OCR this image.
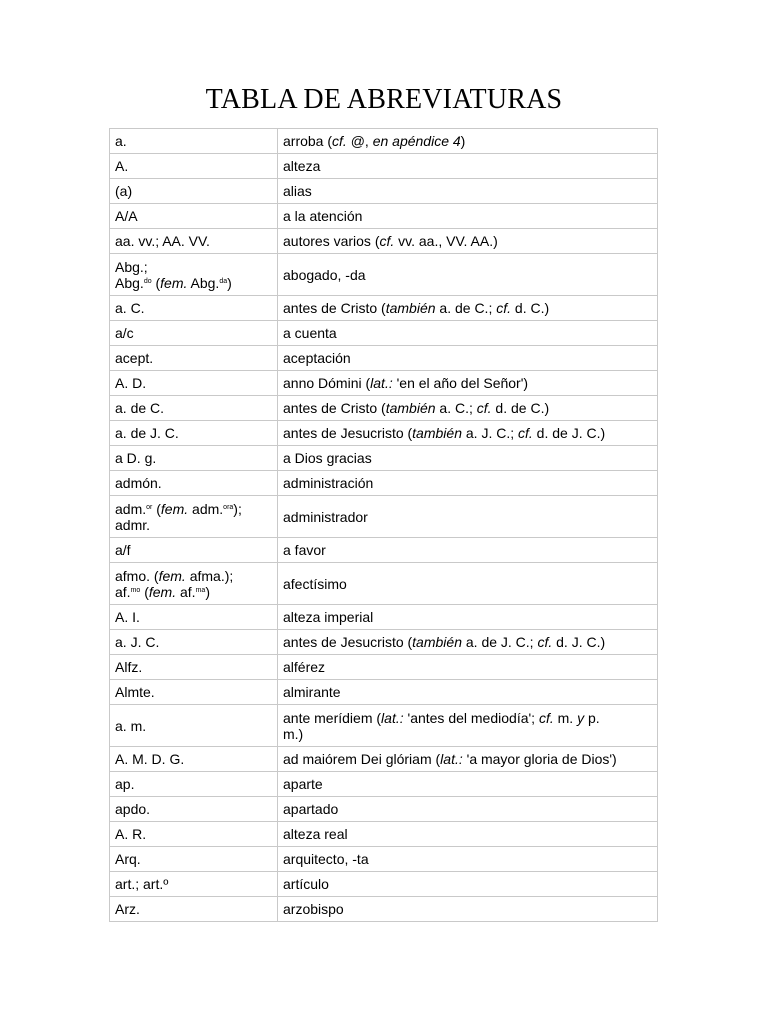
TABLA DE ABREVIATURAS
a.	arroba (cf. @, en apéndice 4)
A.	alteza
(a)	alias
A/A	a la atención
aa. vv.; AA. VV.	autores varios (cf. vv. aa., VV. AA.)
Abg.;
Abg.$^{do}$ (fem. Abg.$^{da}$)	abogado, -da
a. C.	antes de Cristo (también a. de C.; cf. d. C.)
a/c	a cuenta
acept.	aceptación
A. D.	anno Dómini (lat.: 'en el año del Señor')
a. de C.	antes de Cristo (también a. C.; cf. d. de C.)
a. de J. C.	antes de Jesucristo (también a. J. C.; cf. d. de J. C.)
a D. g.	a Dios gracias
admón.	administración
adm.$^{or}$ (fem. adm.$^{ora}$);
admr.	administrador
a/f	a favor
afmo. (fem. afma.);
af.$^{mo}$ (fem. af.$^{ma}$)	afectísimo
A. I.	alteza imperial
a. J. C.	antes de Jesucristo (también a. de J. C.; cf. d. J. C.)
Alfz.	alférez
Almte.	almirante
a. m.	ante merídiem (lat.: 'antes del mediodía'; cf. m. y p.
m.)
A. M. D. G.	ad maiórem Dei glóriam (lat.: 'a mayor gloria de Dios')
ap.	aparte
apdo.	apartado
A. R.	alteza real
Arq.	arquitecto, -ta
art.; art.º	artículo
Arz.	arzobispo
